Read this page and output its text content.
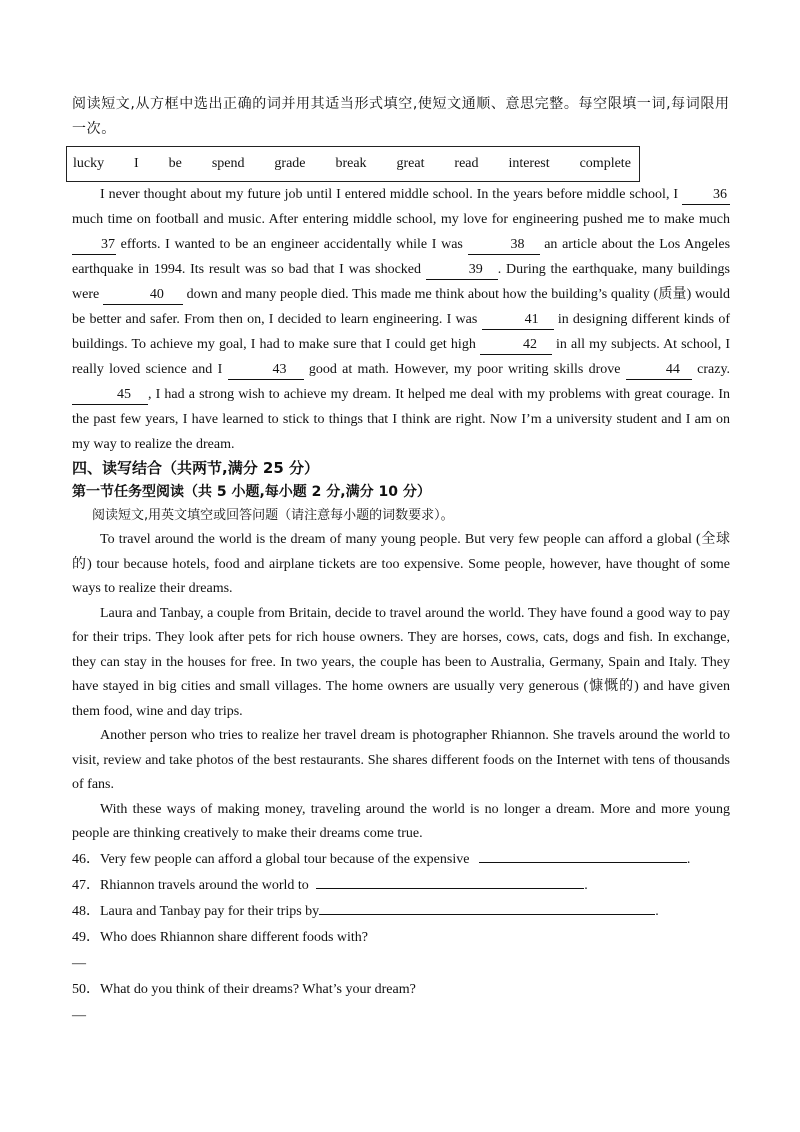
阅读短文,从方框中选出正确的词并用其适当形式填空,使短文通顺、意思完整。每空限填一词,每词限用一次。

lucky I be spend grade break great read interest complete

I never thought about my future job until I entered middle school. In the years before middle school, I 36 much time on football and music. After entering middle school, my love for engineering pushed me to make much 37 efforts. I wanted to be an engineer accidentally while I was	38 an article about the Los Angeles earthquake in 1994. Its result was so bad that I was shocked	39 . During the earthquake, many buildings were	40 down and many people died. This made me think about how the building’s quality (质量) would be better and safer. From then on, I decided to learn engineering. I was	41 in designing different kinds of buildings. To achieve my goal, I had to make sure that I could get high	42 in all my subjects. At school, I really loved science and I	43 good at math. However, my poor writing skills drove	44 crazy. 45 , I had a strong wish to achieve my dream. It helped me deal with my problems with great courage. In the past few years, I have learned to stick to things that I think are right. Now I’m a university student and I am on my way to realize the dream.

四、读写结合（共两节,满分 25 分）

第一节任务型阅读（共 5 小题,每小题 2 分,满分 10 分）

阅读短文,用英文填空或回答问题（请注意每小题的词数要求）。

To travel around the world is the dream of many young people. But very few people can afford a global (全球的) tour because hotels, food and airplane tickets are too expensive. Some people, however, have thought of some ways to realize their dreams.

Laura and Tanbay, a couple from Britain, decide to travel around the world. They have found a good way to pay for their trips. They look after pets for rich house owners. They are horses, cows, cats, dogs and fish. In exchange, they can stay in the houses for free. In two years, the couple has been to Australia, Germany, Spain and Italy. They have stayed in big cities and small villages. The home owners are usually very generous (慷慨的) and have given them food, wine and day trips.

Another person who tries to realize her travel dream is photographer Rhiannon. She travels around the world to visit, review and take photos of the best restaurants. She shares different foods on the Internet with tens of thousands of fans.

With these ways of making money, traveling around the world is no longer a dream. More and more young people are thinking creatively to make their dreams come true.

46．Very few people can afford a global tour because of the expensive	.

47．Rhiannon travels around the world to	.

48．Laura and Tanbay pay for their trips by	.

49．Who does Rhiannon share different foods with?

—

50．What do you think of their dreams? What’s your dream?

—
